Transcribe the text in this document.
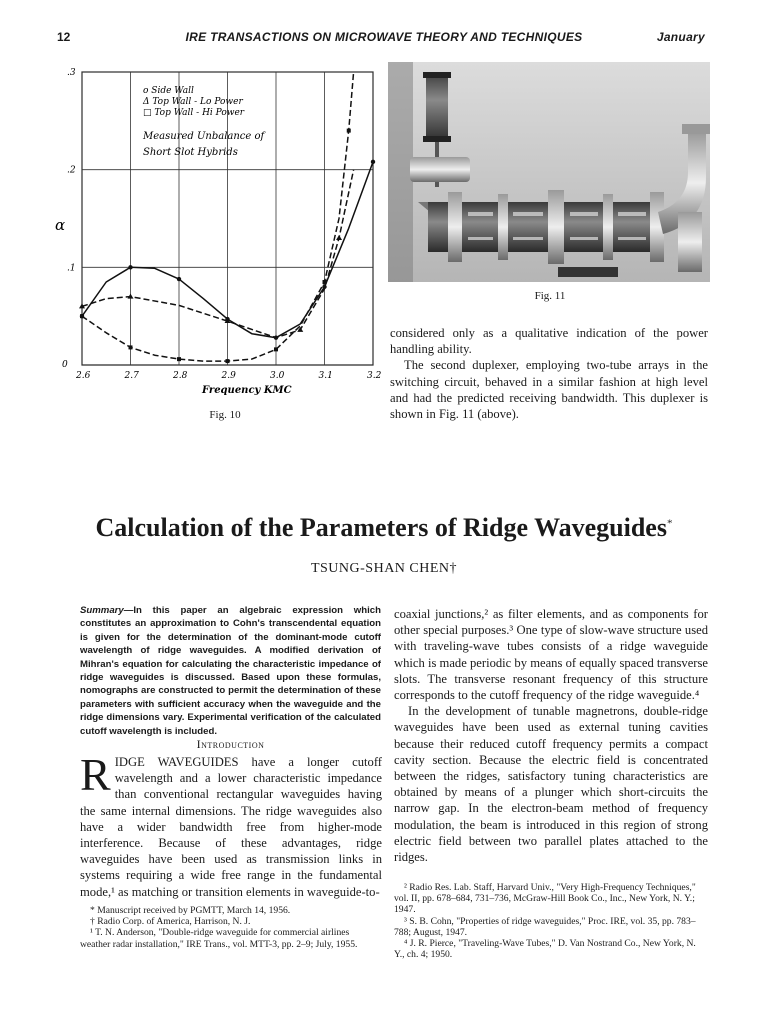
12	IRE TRANSACTIONS ON MICROWAVE THEORY AND TECHNIQUES	January
2.6	2.7	2.8	2.9	3.0	3.1	3.2
.1
.2
.3
0
o Side Wall
Δ Top Wall - Lo Power
□ Top Wall - Hi Power
Measured Unbalance of
Short Slot Hybrids
α
Frequency KMC
Fig. 10
Fig. 11

considered only as a qualitative indication of the power handling ability.

The second duplexer, employing two-tube arrays in the switching circuit, behaved in a similar fashion at high level and had the predicted receiving bandwidth. This duplexer is shown in Fig. 11 (above).

Calculation of the Parameters of Ridge Waveguides*
TSUNG-SHAN CHEN†
Summary—In this paper an algebraic expression which constitutes an approximation to Cohn's transcendental equation is given for the determination of the dominant-mode cutoff wavelength of ridge waveguides. A modified derivation of Mihran's equation for calculating the characteristic impedance of ridge waveguides is discussed. Based upon these formulas, nomographs are constructed to permit the determination of these parameters with sufficient accuracy when the waveguide and the ridge dimensions vary. Experimental verification of the calculated cutoff wavelength is included.
Introduction
RIDGE WAVEGUIDES have a longer cutoff wavelength and a lower characteristic impedance than conventional rectangular waveguides having the same internal dimensions. The ridge waveguides also have a wider bandwidth free from higher-mode interference. Because of these advantages, ridge waveguides have been used as transmission links in systems requiring a wide free range in the fundamental mode,¹ as matching or transition elements in waveguide-to-

* Manuscript received by PGMTT, March 14, 1956.

† Radio Corp. of America, Harrison, N. J.

¹ T. N. Anderson, "Double-ridge waveguide for commercial airlines weather radar installation," IRE Trans., vol. MTT-3, pp. 2–9; July, 1955.

coaxial junctions,² as filter elements, and as components for other special purposes.³ One type of slow-wave structure used with traveling-wave tubes consists of a ridge waveguide which is made periodic by means of equally spaced transverse slots. The transverse resonant frequency of this structure corresponds to the cutoff frequency of the ridge waveguide.⁴

In the development of tunable magnetrons, double-ridge waveguides have been used as external tuning cavities because their reduced cutoff frequency permits a compact cavity section. Because the electric field is concentrated between the ridges, satisfactory tuning characteristics are obtained by means of a plunger which short-circuits the narrow gap. In the electron-beam method of frequency modulation, the beam is introduced in this region of strong electric field between two parallel plates attached to the ridges.

² Radio Res. Lab. Staff, Harvard Univ., "Very High-Frequency Techniques," vol. II, pp. 678–684, 731–736, McGraw-Hill Book Co., Inc., New York, N. Y.; 1947.

³ S. B. Cohn, "Properties of ridge waveguides," Proc. IRE, vol. 35, pp. 783–788; August, 1947.

⁴ J. R. Pierce, "Traveling-Wave Tubes," D. Van Nostrand Co., New York, N. Y., ch. 4; 1950.
